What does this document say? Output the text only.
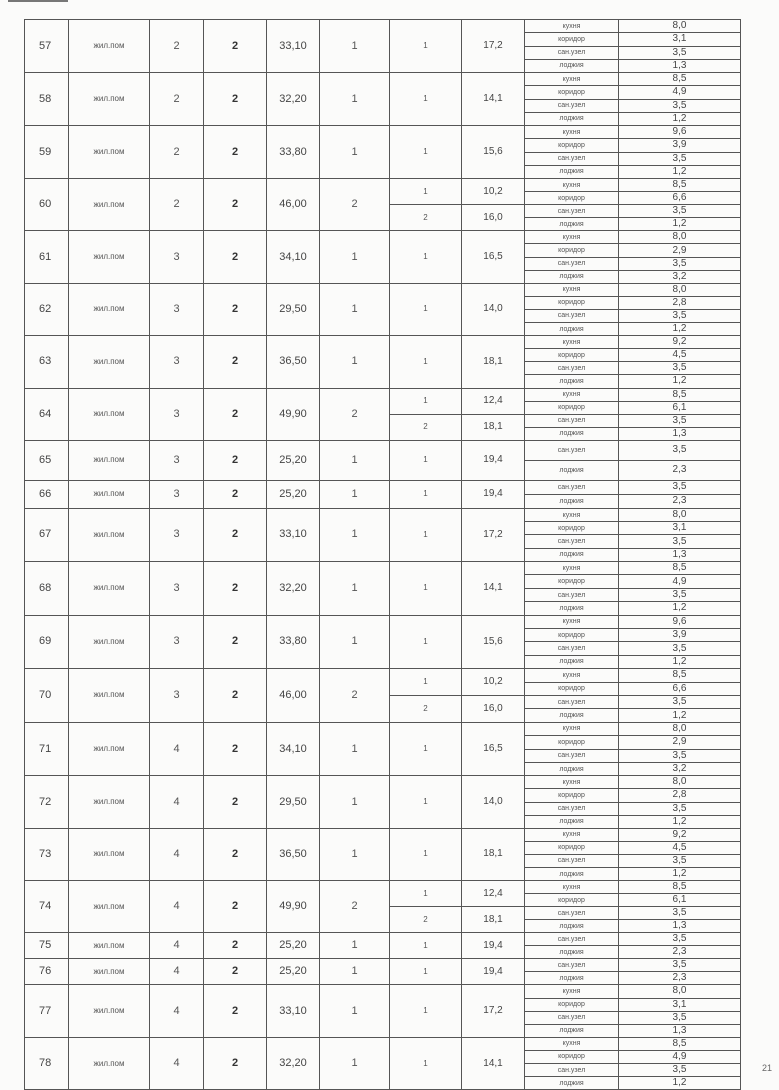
57	жил.пом	2	2	33,10	1	1	17,2	кухня	8,0
								коридор	3,1
								сан.узел	3,5
								лоджия	1,3
58	жил.пом	2	2	32,20	1	1	14,1	кухня	8,5
								коридор	4,9
								сан.узел	3,5
								лоджия	1,2
59	жил.пом	2	2	33,80	1	1	15,6	кухня	9,6
								коридор	3,9
								сан.узел	3,5
								лоджия	1,2
60	жил.пом	2	2	46,00	2	1	10,2	кухня	8,5
								коридор	6,6
						2	16,0	сан.узел	3,5
								лоджия	1,2
61	жил.пом	3	2	34,10	1	1	16,5	кухня	8,0
								коридор	2,9
								сан.узел	3,5
								лоджия	3,2
62	жил.пом	3	2	29,50	1	1	14,0	кухня	8,0
								коридор	2,8
								сан.узел	3,5
								лоджия	1,2
63	жил.пом	3	2	36,50	1	1	18,1	кухня	9,2
								коридор	4,5
								сан.узел	3,5
								лоджия	1,2
64	жил.пом	3	2	49,90	2	1	12,4	кухня	8,5
								коридор	6,1
						2	18,1	сан.узел	3,5
								лоджия	1,3
65	жил.пом	3	2	25,20	1	1	19,4	сан.узел	3,5
								лоджия	2,3
66	жил.пом	3	2	25,20	1	1	19,4	сан.узел	3,5
								лоджия	2,3
67	жил.пом	3	2	33,10	1	1	17,2	кухня	8,0
								коридор	3,1
								сан.узел	3,5
								лоджия	1,3
68	жил.пом	3	2	32,20	1	1	14,1	кухня	8,5
								коридор	4,9
								сан.узел	3,5
								лоджия	1,2
69	жил.пом	3	2	33,80	1	1	15,6	кухня	9,6
								коридор	3,9
								сан.узел	3,5
								лоджия	1,2
70	жил.пом	3	2	46,00	2	1	10,2	кухня	8,5
								коридор	6,6
						2	16,0	сан.узел	3,5
								лоджия	1,2
71	жил.пом	4	2	34,10	1	1	16,5	кухня	8,0
								коридор	2,9
								сан.узел	3,5
								лоджия	3,2
72	жил.пом	4	2	29,50	1	1	14,0	кухня	8,0
								коридор	2,8
								сан.узел	3,5
								лоджия	1,2
73	жил.пом	4	2	36,50	1	1	18,1	кухня	9,2
								коридор	4,5
								сан.узел	3,5
								лоджия	1,2
74	жил.пом	4	2	49,90	2	1	12,4	кухня	8,5
								коридор	6,1
						2	18,1	сан.узел	3,5
								лоджия	1,3
75	жил.пом	4	2	25,20	1	1	19,4	сан.узел	3,5
								лоджия	2,3
76	жил.пом	4	2	25,20	1	1	19,4	сан.узел	3,5
								лоджия	2,3
77	жил.пом	4	2	33,10	1	1	17,2	кухня	8,0
								коридор	3,1
								сан.узел	3,5
								лоджия	1,3
78	жил.пом	4	2	32,20	1	1	14,1	кухня	8,5
								коридор	4,9
								сан.узел	3,5
								лоджия	1,2
21
